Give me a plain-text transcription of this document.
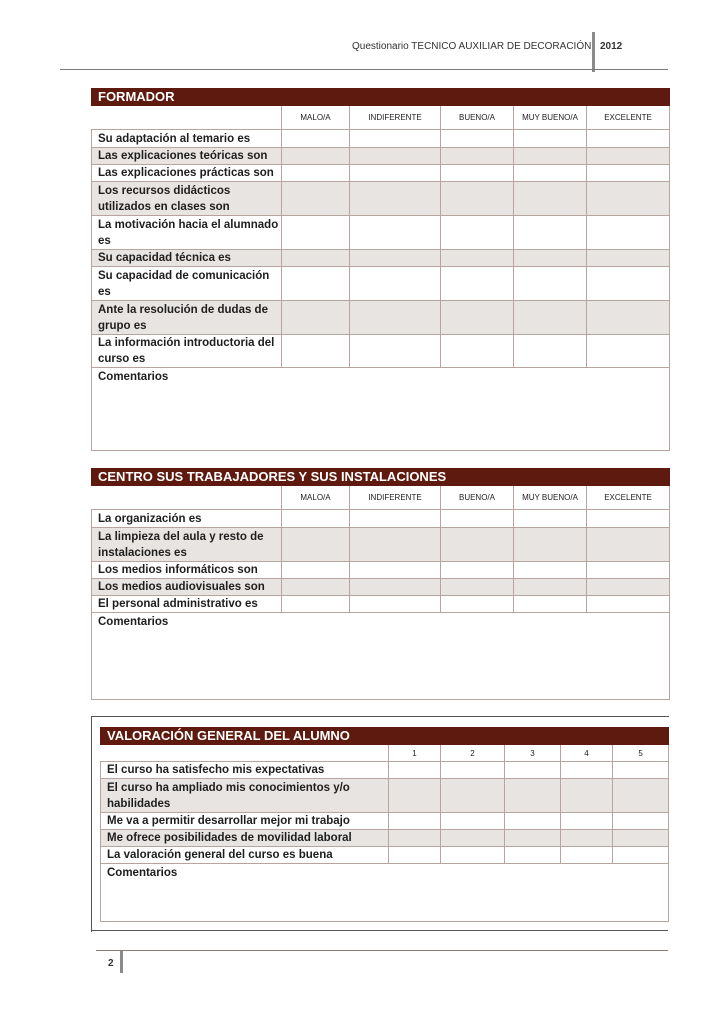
Questionario TECNICO AUXILIAR DE DECORACIÓN 2012
FORMADOR					
	MALO/A	INDIFERENTE	BUENO/A	MUY BUENO/A	EXCELENTE
Su adaptación al temario es					
Las explicaciones teóricas son					
Las explicaciones prácticas son					
Los recursos didácticos utilizados en clases son					
La motivación hacia el alumnado es					
Su capacidad técnica es					
Su capacidad de comunicación es					
Ante la resolución de dudas de grupo es					
La información introductoria del curso es					
Comentarios					
CENTRO SUS TRABAJADORES Y SUS INSTALACIONES					
	MALO/A	INDIFERENTE	BUENO/A	MUY BUENO/A	EXCELENTE
La organización es					
La limpieza del aula y resto de instalaciones es					
Los medios informáticos son					
Los medios audiovisuales son					
El personal administrativo es					
Comentarios					
VALORACIÓN GENERAL DEL ALUMNO					
	1	2	3	4	5
El curso ha satisfecho mis expectativas					
El curso ha ampliado mis conocimientos y/o habilidades					
Me va a permitir desarrollar mejor mi trabajo					
Me ofrece posibilidades de movilidad laboral					
La valoración general del curso es buena					
Comentarios					
2
